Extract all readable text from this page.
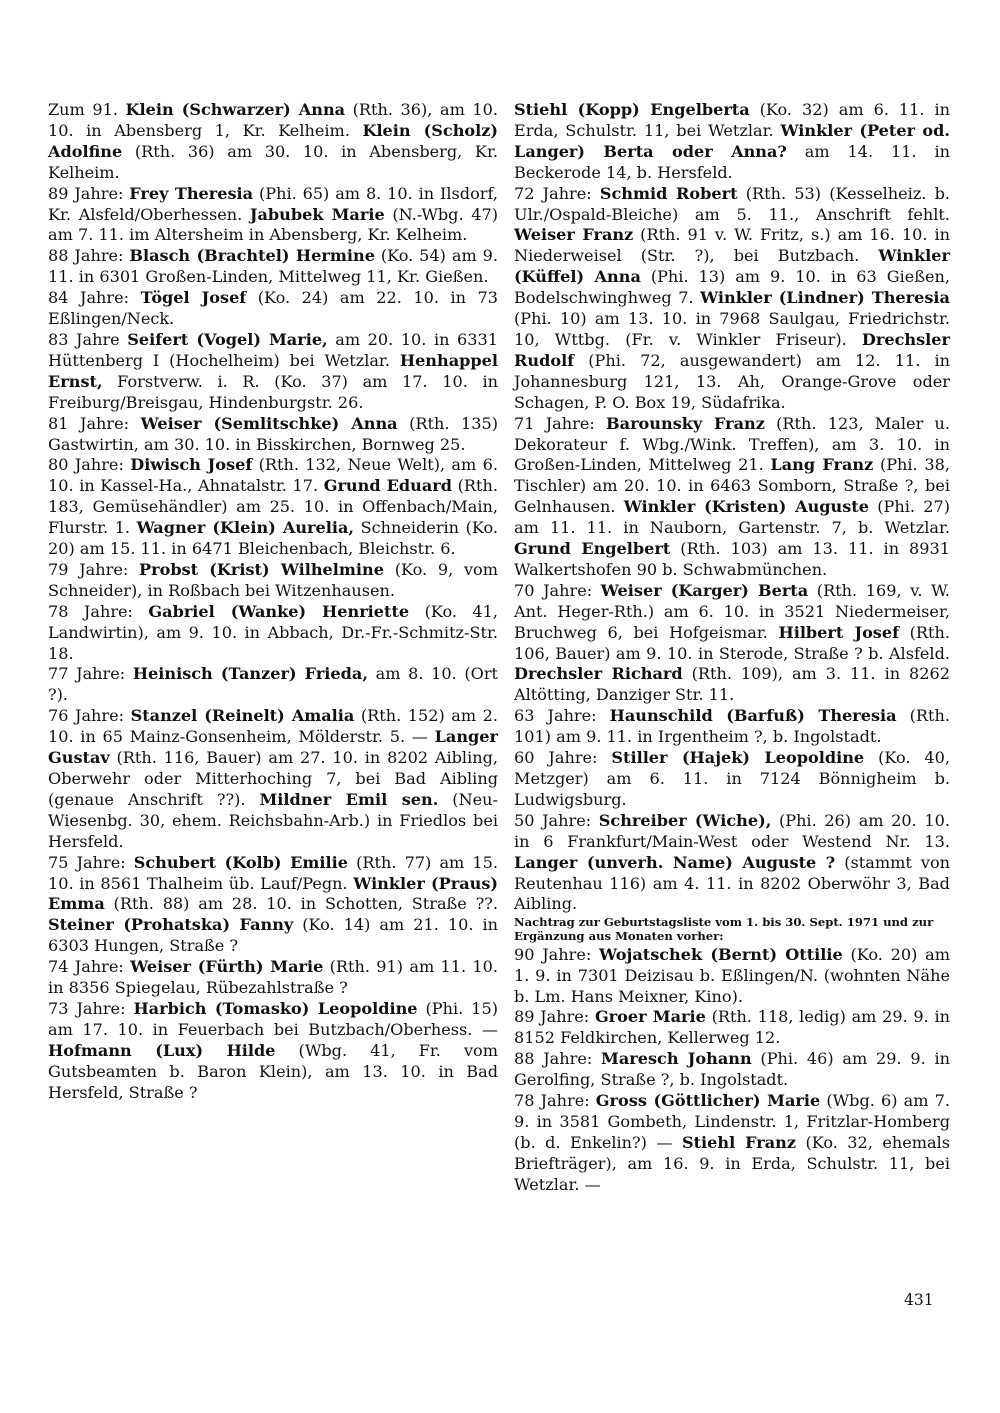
Zum 91. Klein (Schwarzer) Anna (Rth. 36), am 10. 10. in Abensberg 1, Kr. Kelheim. Klein (Scholz) Adolfine (Rth. 36) am 30. 10. in Abensberg, Kr. Kelheim.

89 Jahre: Frey Theresia (Phi. 65) am 8. 10. in Ilsdorf, Kr. Alsfeld/Oberhessen. Jabubek Marie (N.-Wbg. 47) am 7. 11. im Altersheim in Abensberg, Kr. Kelheim.

88 Jahre: Blasch (Brachtel) Hermine (Ko. 54) am 9. 11. in 6301 Großen-Linden, Mittelweg 11, Kr. Gießen.

84 Jahre: Tögel Josef (Ko. 24) am 22. 10. in 73 Eßlingen/Neck.

83 Jahre Seifert (Vogel) Marie, am 20. 10. in 6331 Hüttenberg I (Hochelheim) bei Wetzlar. Henhappel Ernst, Forstverw. i. R. (Ko. 37) am 17. 10. in Freiburg/Breisgau, Hindenburgstr. 26.

81 Jahre: Weiser (Semlitschke) Anna (Rth. 135) Gastwirtin, am 30. 10. in Bisskirchen, Bornweg 25.

80 Jahre: Diwisch Josef (Rth. 132, Neue Welt), am 6. 10. in Kassel-Ha., Ahnatalstr. 17. Grund Eduard (Rth. 183, Gemüsehändler) am 25. 10. in Offenbach/Main, Flurstr. 1. Wagner (Klein) Aurelia, Schneiderin (Ko. 20) am 15. 11. in 6471 Bleichenbach, Bleichstr. 6.

79 Jahre: Probst (Krist) Wilhelmine (Ko. 9, vom Schneider), in Roßbach bei Witzenhausen.

78 Jahre: Gabriel (Wanke) Henriette (Ko. 41, Landwirtin), am 9. 10. in Abbach, Dr.-Fr.-Schmitz-Str. 18.

77 Jahre: Heinisch (Tanzer) Frieda, am 8. 10. (Ort ?).

76 Jahre: Stanzel (Reinelt) Amalia (Rth. 152) am 2. 10. in 65 Mainz-Gonsenheim, Mölderstr. 5. — Langer Gustav (Rth. 116, Bauer) am 27. 10. in 8202 Aibling, Oberwehr oder Mitterhoching 7, bei Bad Aibling (genaue Anschrift ??). Mildner Emil sen. (Neu-Wiesenbg. 30, ehem. Reichsbahn-Arb.) in Friedlos bei Hersfeld.

75 Jahre: Schubert (Kolb) Emilie (Rth. 77) am 15. 10. in 8561 Thalheim üb. Lauf/Pegn. Winkler (Praus) Emma (Rth. 88) am 28. 10. in Schotten, Straße ??. Steiner (Prohatska) Fanny (Ko. 14) am 21. 10. in 6303 Hungen, Straße ?

74 Jahre: Weiser (Fürth) Marie (Rth. 91) am 11. 10. in 8356 Spiegelau, Rübezahlstraße ?

73 Jahre: Harbich (Tomasko) Leopoldine (Phi. 15) am 17. 10. in Feuerbach bei Butzbach/Oberhess. — Hofmann (Lux) Hilde (Wbg. 41, Fr. vom Gutsbeamten b. Baron Klein), am 13. 10. in Bad Hersfeld, Straße ?

Stiehl (Kopp) Engelberta (Ko. 32) am 6. 11. in Erda, Schulstr. 11, bei Wetzlar. Winkler (Peter od. Langer) Berta oder Anna? am 14. 11. in Beckerode 14, b. Hersfeld.

72 Jahre: Schmid Robert (Rth. 53) (Kesselheiz. b. Ulr./Ospald-Bleiche) am 5. 11., Anschrift fehlt. Weiser Franz (Rth. 91 v. W. Fritz, s.) am 16. 10. in Niederweisel (Str. ?), bei Butzbach. Winkler (Küffel) Anna (Phi. 13) am 9. 10. in 63 Gießen, Bodelschwinghweg 7. Winkler (Lindner) Theresia (Phi. 10) am 13. 10. in 7968 Saulgau, Friedrichstr. 10, Wttbg. (Fr. v. Winkler Friseur). Drechsler Rudolf (Phi. 72, ausgewandert) am 12. 11. in Johannesburg 121, 13. Ah, Orange-Grove oder Schagen, P. O. Box 19, Südafrika.

71 Jahre: Barounsky Franz (Rth. 123, Maler u. Dekorateur f. Wbg./Wink. Treffen), am 3. 10. in Großen-Linden, Mittelweg 21. Lang Franz (Phi. 38, Tischler) am 20. 10. in 6463 Somborn, Straße ?, bei Gelnhausen. Winkler (Kristen) Auguste (Phi. 27) am 11. 11. in Nauborn, Gartenstr. 7, b. Wetzlar. Grund Engelbert (Rth. 103) am 13. 11. in 8931 Walkertshofen 90 b. Schwabmünchen.

70 Jahre: Weiser (Karger) Berta (Rth. 169, v. W. Ant. Heger-Rth.) am 6. 10. in 3521 Niedermeiser, Bruchweg 6, bei Hofgeismar. Hilbert Josef (Rth. 106, Bauer) am 9. 10. in Sterode, Straße ? b. Alsfeld. Drechsler Richard (Rth. 109), am 3. 11. in 8262 Altötting, Danziger Str. 11.

63 Jahre: Haunschild (Barfuß) Theresia (Rth. 101) am 9. 11. in Irgentheim ?, b. Ingolstadt.

60 Jahre: Stiller (Hajek) Leopoldine (Ko. 40, Metzger) am 6. 11. in 7124 Bönnigheim b. Ludwigsburg.

50 Jahre: Schreiber (Wiche), (Phi. 26) am 20. 10. in 6 Frankfurt/Main-West oder Westend Nr. 13. Langer (unverh. Name) Auguste ? (stammt von Reutenhau 116) am 4. 11. in 8202 Oberwöhr 3, Bad Aibling.

Nachtrag zur Geburtstagsliste vom 1. bis 30. Sept. 1971 und zur Ergänzung aus Monaten vorher:

90 Jahre: Wojatschek (Bernt) Ottilie (Ko. 20) am 1. 9. in 7301 Deizisau b. Eßlingen/N. (wohnten Nähe b. Lm. Hans Meixner, Kino).

89 Jahre: Groer Marie (Rth. 118, ledig) am 29. 9. in 8152 Feldkirchen, Kellerweg 12.

88 Jahre: Maresch Johann (Phi. 46) am 29. 9. in Gerolfing, Straße ?, b. Ingolstadt.

78 Jahre: Gross (Göttlicher) Marie (Wbg. 6) am 7. 9. in 3581 Gombeth, Lindenstr. 1, Fritzlar-Homberg (b. d. Enkelin?) — Stiehl Franz (Ko. 32, ehemals Briefträger), am 16. 9. in Erda, Schulstr. 11, bei Wetzlar. —

431
